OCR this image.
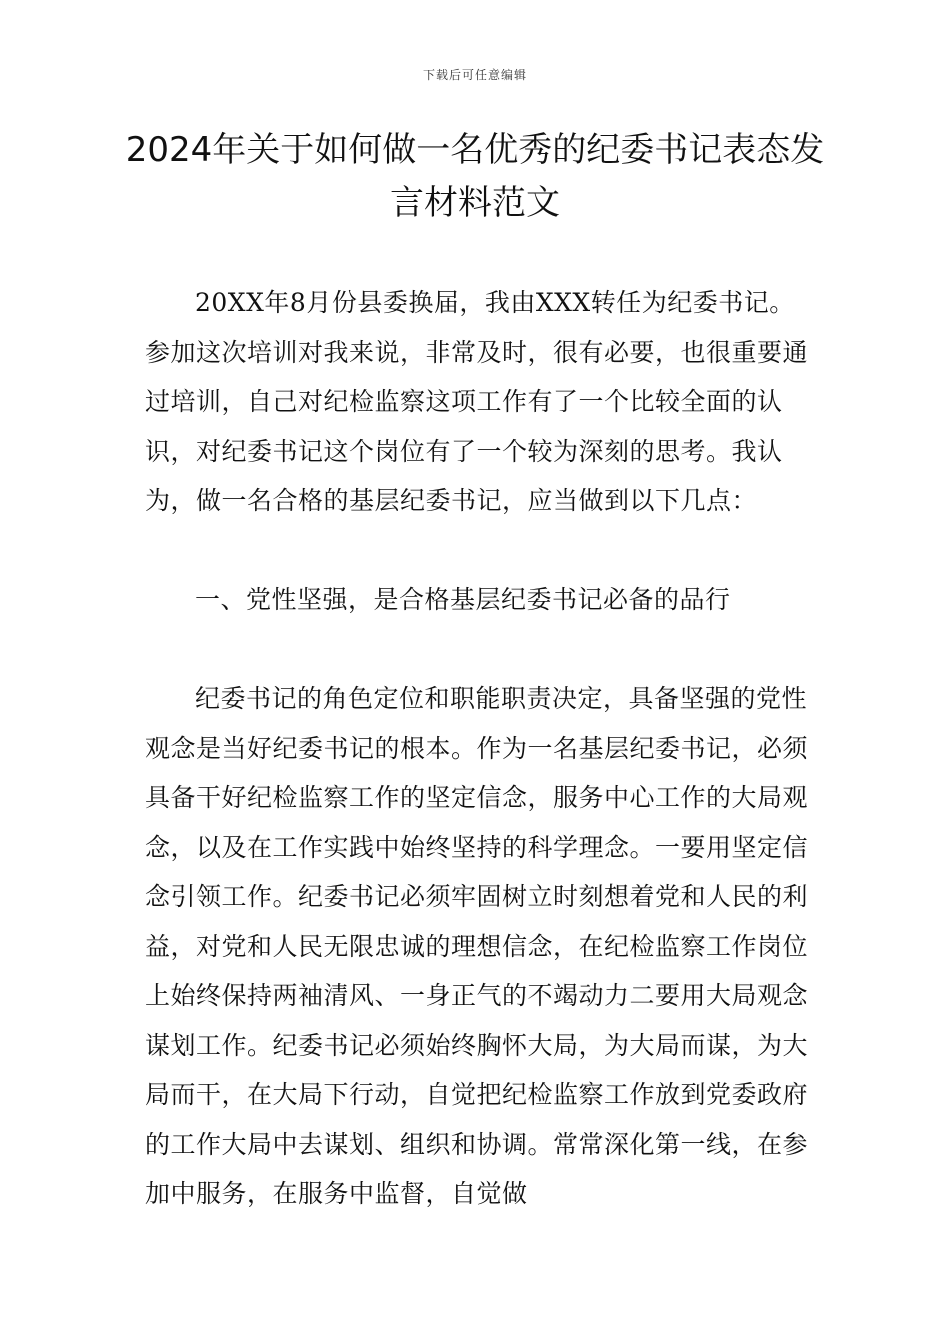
下载后可任意编辑
2024年关于如何做一名优秀的纪委书记表态发言材料范文

20XX年8月份县委换届，我由XXX转任为纪委书记。参加这次培训对我来说，非常及时，很有必要，也很重要通过培训，自己对纪检监察这项工作有了一个比较全面的认识，对纪委书记这个岗位有了一个较为深刻的思考。我认为，做一名合格的基层纪委书记，应当做到以下几点：

一、党性坚强，是合格基层纪委书记必备的品行

纪委书记的角色定位和职能职责决定，具备坚强的党性观念是当好纪委书记的根本。作为一名基层纪委书记，必须具备干好纪检监察工作的坚定信念，服务中心工作的大局观念，以及在工作实践中始终坚持的科学理念。一要用坚定信念引领工作。纪委书记必须牢固树立时刻想着党和人民的利益，对党和人民无限忠诚的理想信念，在纪检监察工作岗位上始终保持两袖清风、一身正气的不竭动力二要用大局观念谋划工作。纪委书记必须始终胸怀大局，为大局而谋，为大局而干，在大局下行动，自觉把纪检监察工作放到党委政府的工作大局中去谋划、组织和协调。常常深化第一线，在参加中服务，在服务中监督，自觉做
